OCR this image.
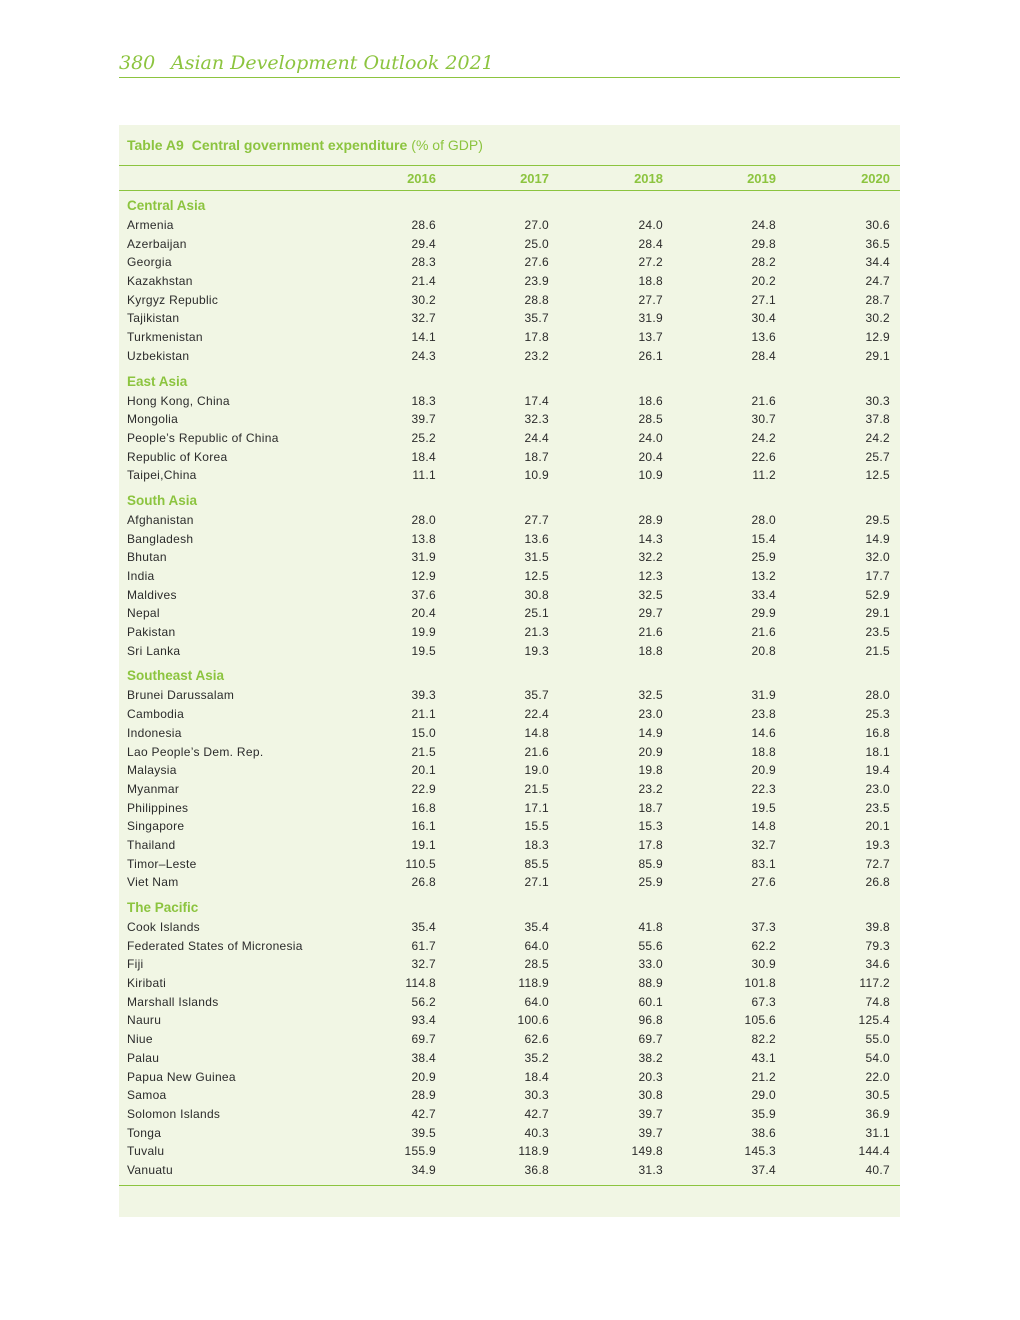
380 Asian Development Outlook 2021
Table A9 Central government expenditure (% of GDP)
2016	2017	2018	2019	2020
Central Asia
Armenia	28.6	27.0	24.0	24.8	30.6
Azerbaijan	29.4	25.0	28.4	29.8	36.5
Georgia	28.3	27.6	27.2	28.2	34.4
Kazakhstan	21.4	23.9	18.8	20.2	24.7
Kyrgyz Republic	30.2	28.8	27.7	27.1	28.7
Tajikistan	32.7	35.7	31.9	30.4	30.2
Turkmenistan	14.1	17.8	13.7	13.6	12.9
Uzbekistan	24.3	23.2	26.1	28.4	29.1
East Asia
Hong Kong, China	18.3	17.4	18.6	21.6	30.3
Mongolia	39.7	32.3	28.5	30.7	37.8
People’s Republic of China	25.2	24.4	24.0	24.2	24.2
Republic of Korea	18.4	18.7	20.4	22.6	25.7
Taipei,China	11.1	10.9	10.9	11.2	12.5
South Asia
Afghanistan	28.0	27.7	28.9	28.0	29.5
Bangladesh	13.8	13.6	14.3	15.4	14.9
Bhutan	31.9	31.5	32.2	25.9	32.0
India	12.9	12.5	12.3	13.2	17.7
Maldives	37.6	30.8	32.5	33.4	52.9
Nepal	20.4	25.1	29.7	29.9	29.1
Pakistan	19.9	21.3	21.6	21.6	23.5
Sri Lanka	19.5	19.3	18.8	20.8	21.5
Southeast Asia
Brunei Darussalam	39.3	35.7	32.5	31.9	28.0
Cambodia	21.1	22.4	23.0	23.8	25.3
Indonesia	15.0	14.8	14.9	14.6	16.8
Lao People’s Dem. Rep.	21.5	21.6	20.9	18.8	18.1
Malaysia	20.1	19.0	19.8	20.9	19.4
Myanmar	22.9	21.5	23.2	22.3	23.0
Philippines	16.8	17.1	18.7	19.5	23.5
Singapore	16.1	15.5	15.3	14.8	20.1
Thailand	19.1	18.3	17.8	32.7	19.3
Timor–Leste	110.5	85.5	85.9	83.1	72.7
Viet Nam	26.8	27.1	25.9	27.6	26.8
The Pacific
Cook Islands	35.4	35.4	41.8	37.3	39.8
Federated States of Micronesia	61.7	64.0	55.6	62.2	79.3
Fiji	32.7	28.5	33.0	30.9	34.6
Kiribati	114.8	118.9	88.9	101.8	117.2
Marshall Islands	56.2	64.0	60.1	67.3	74.8
Nauru	93.4	100.6	96.8	105.6	125.4
Niue	69.7	62.6	69.7	82.2	55.0
Palau	38.4	35.2	38.2	43.1	54.0
Papua New Guinea	20.9	18.4	20.3	21.2	22.0
Samoa	28.9	30.3	30.8	29.0	30.5
Solomon Islands	42.7	42.7	39.7	35.9	36.9
Tonga	39.5	40.3	39.7	38.6	31.1
Tuvalu	155.9	118.9	149.8	145.3	144.4
Vanuatu	34.9	36.8	31.3	37.4	40.7
